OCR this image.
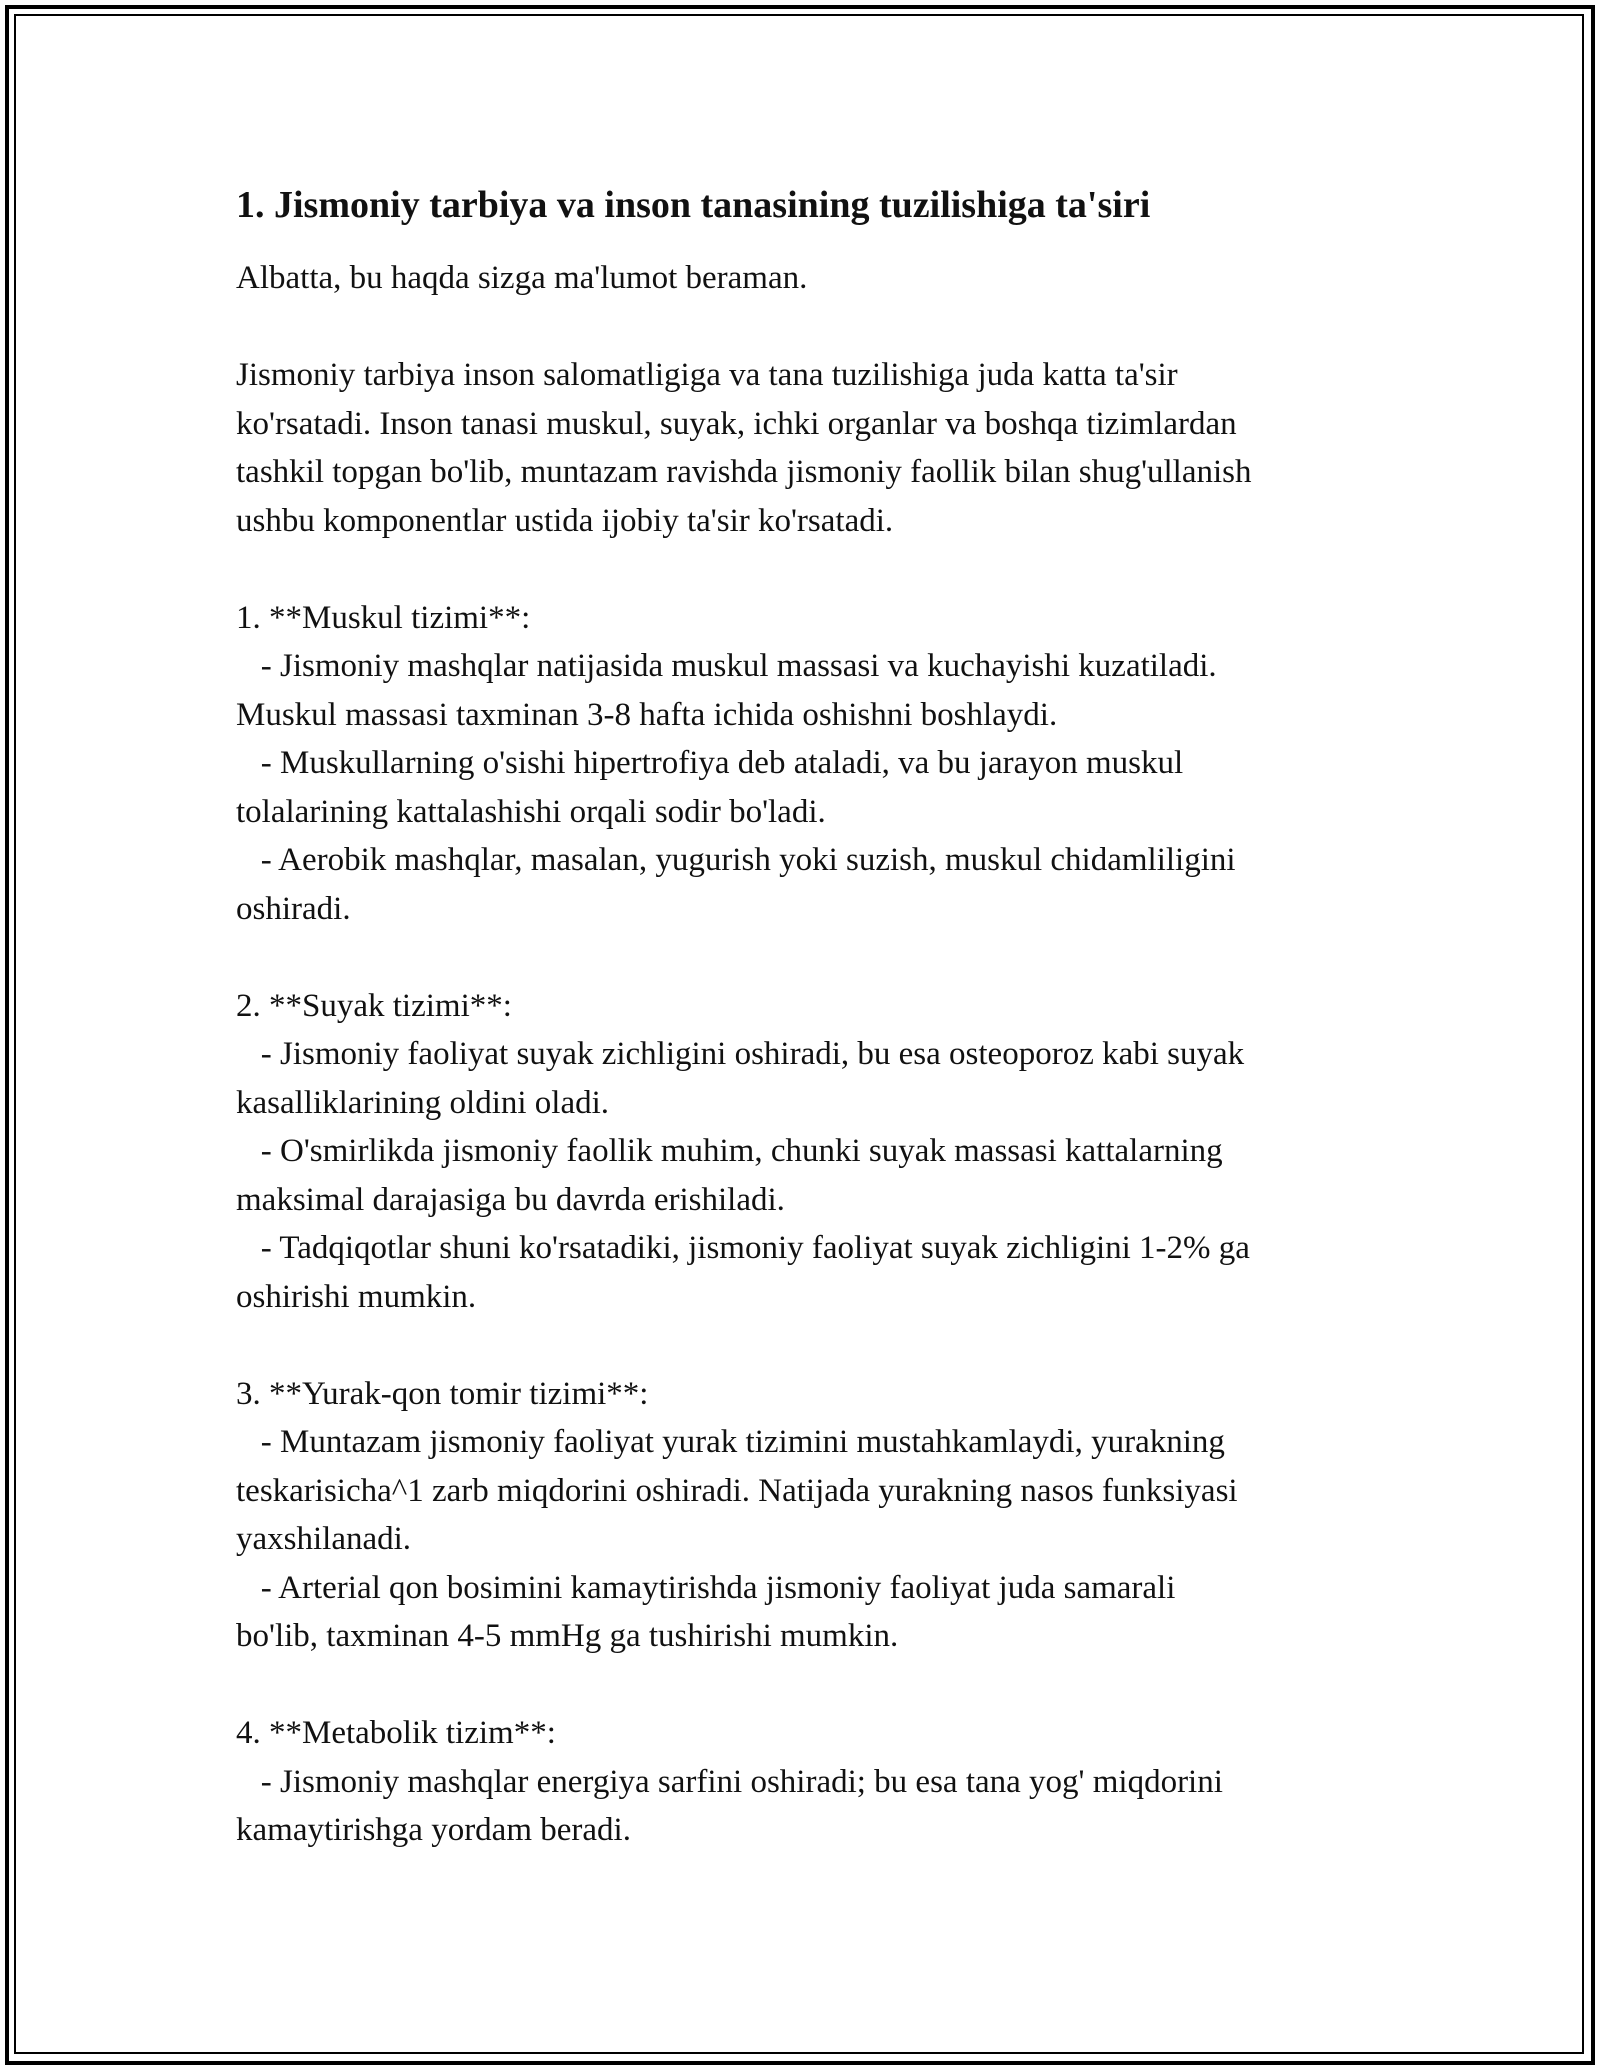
1. Jismoniy tarbiya va inson tanasining tuzilishiga ta'siri
Albatta, bu haqda sizga ma'lumot beraman.
Jismoniy tarbiya inson salomatligiga va tana tuzilishiga juda katta ta'sir
ko'rsatadi. Inson tanasi muskul, suyak, ichki organlar va boshqa tizimlardan
tashkil topgan bo'lib, muntazam ravishda jismoniy faollik bilan shug'ullanish
ushbu komponentlar ustida ijobiy ta'sir ko'rsatadi.
1. **Muskul tizimi**:
- Jismoniy mashqlar natijasida muskul massasi va kuchayishi kuzatiladi.
Muskul massasi taxminan 3-8 hafta ichida oshishni boshlaydi.
- Muskullarning o'sishi hipertrofiya deb ataladi, va bu jarayon muskul
tolalarining kattalashishi orqali sodir bo'ladi.
- Aerobik mashqlar, masalan, yugurish yoki suzish, muskul chidamliligini
oshiradi.
2. **Suyak tizimi**:
- Jismoniy faoliyat suyak zichligini oshiradi, bu esa osteoporoz kabi suyak
kasalliklarining oldini oladi.
- O'smirlikda jismoniy faollik muhim, chunki suyak massasi kattalarning
maksimal darajasiga bu davrda erishiladi.
- Tadqiqotlar shuni ko'rsatadiki, jismoniy faoliyat suyak zichligini 1-2% ga
oshirishi mumkin.
3. **Yurak-qon tomir tizimi**:
- Muntazam jismoniy faoliyat yurak tizimini mustahkamlaydi, yurakning
teskarisicha^1 zarb miqdorini oshiradi. Natijada yurakning nasos funksiyasi
yaxshilanadi.
- Arterial qon bosimini kamaytirishda jismoniy faoliyat juda samarali
bo'lib, taxminan 4-5 mmHg ga tushirishi mumkin.
4. **Metabolik tizim**:
- Jismoniy mashqlar energiya sarfini oshiradi; bu esa tana yog' miqdorini
kamaytirishga yordam beradi.
